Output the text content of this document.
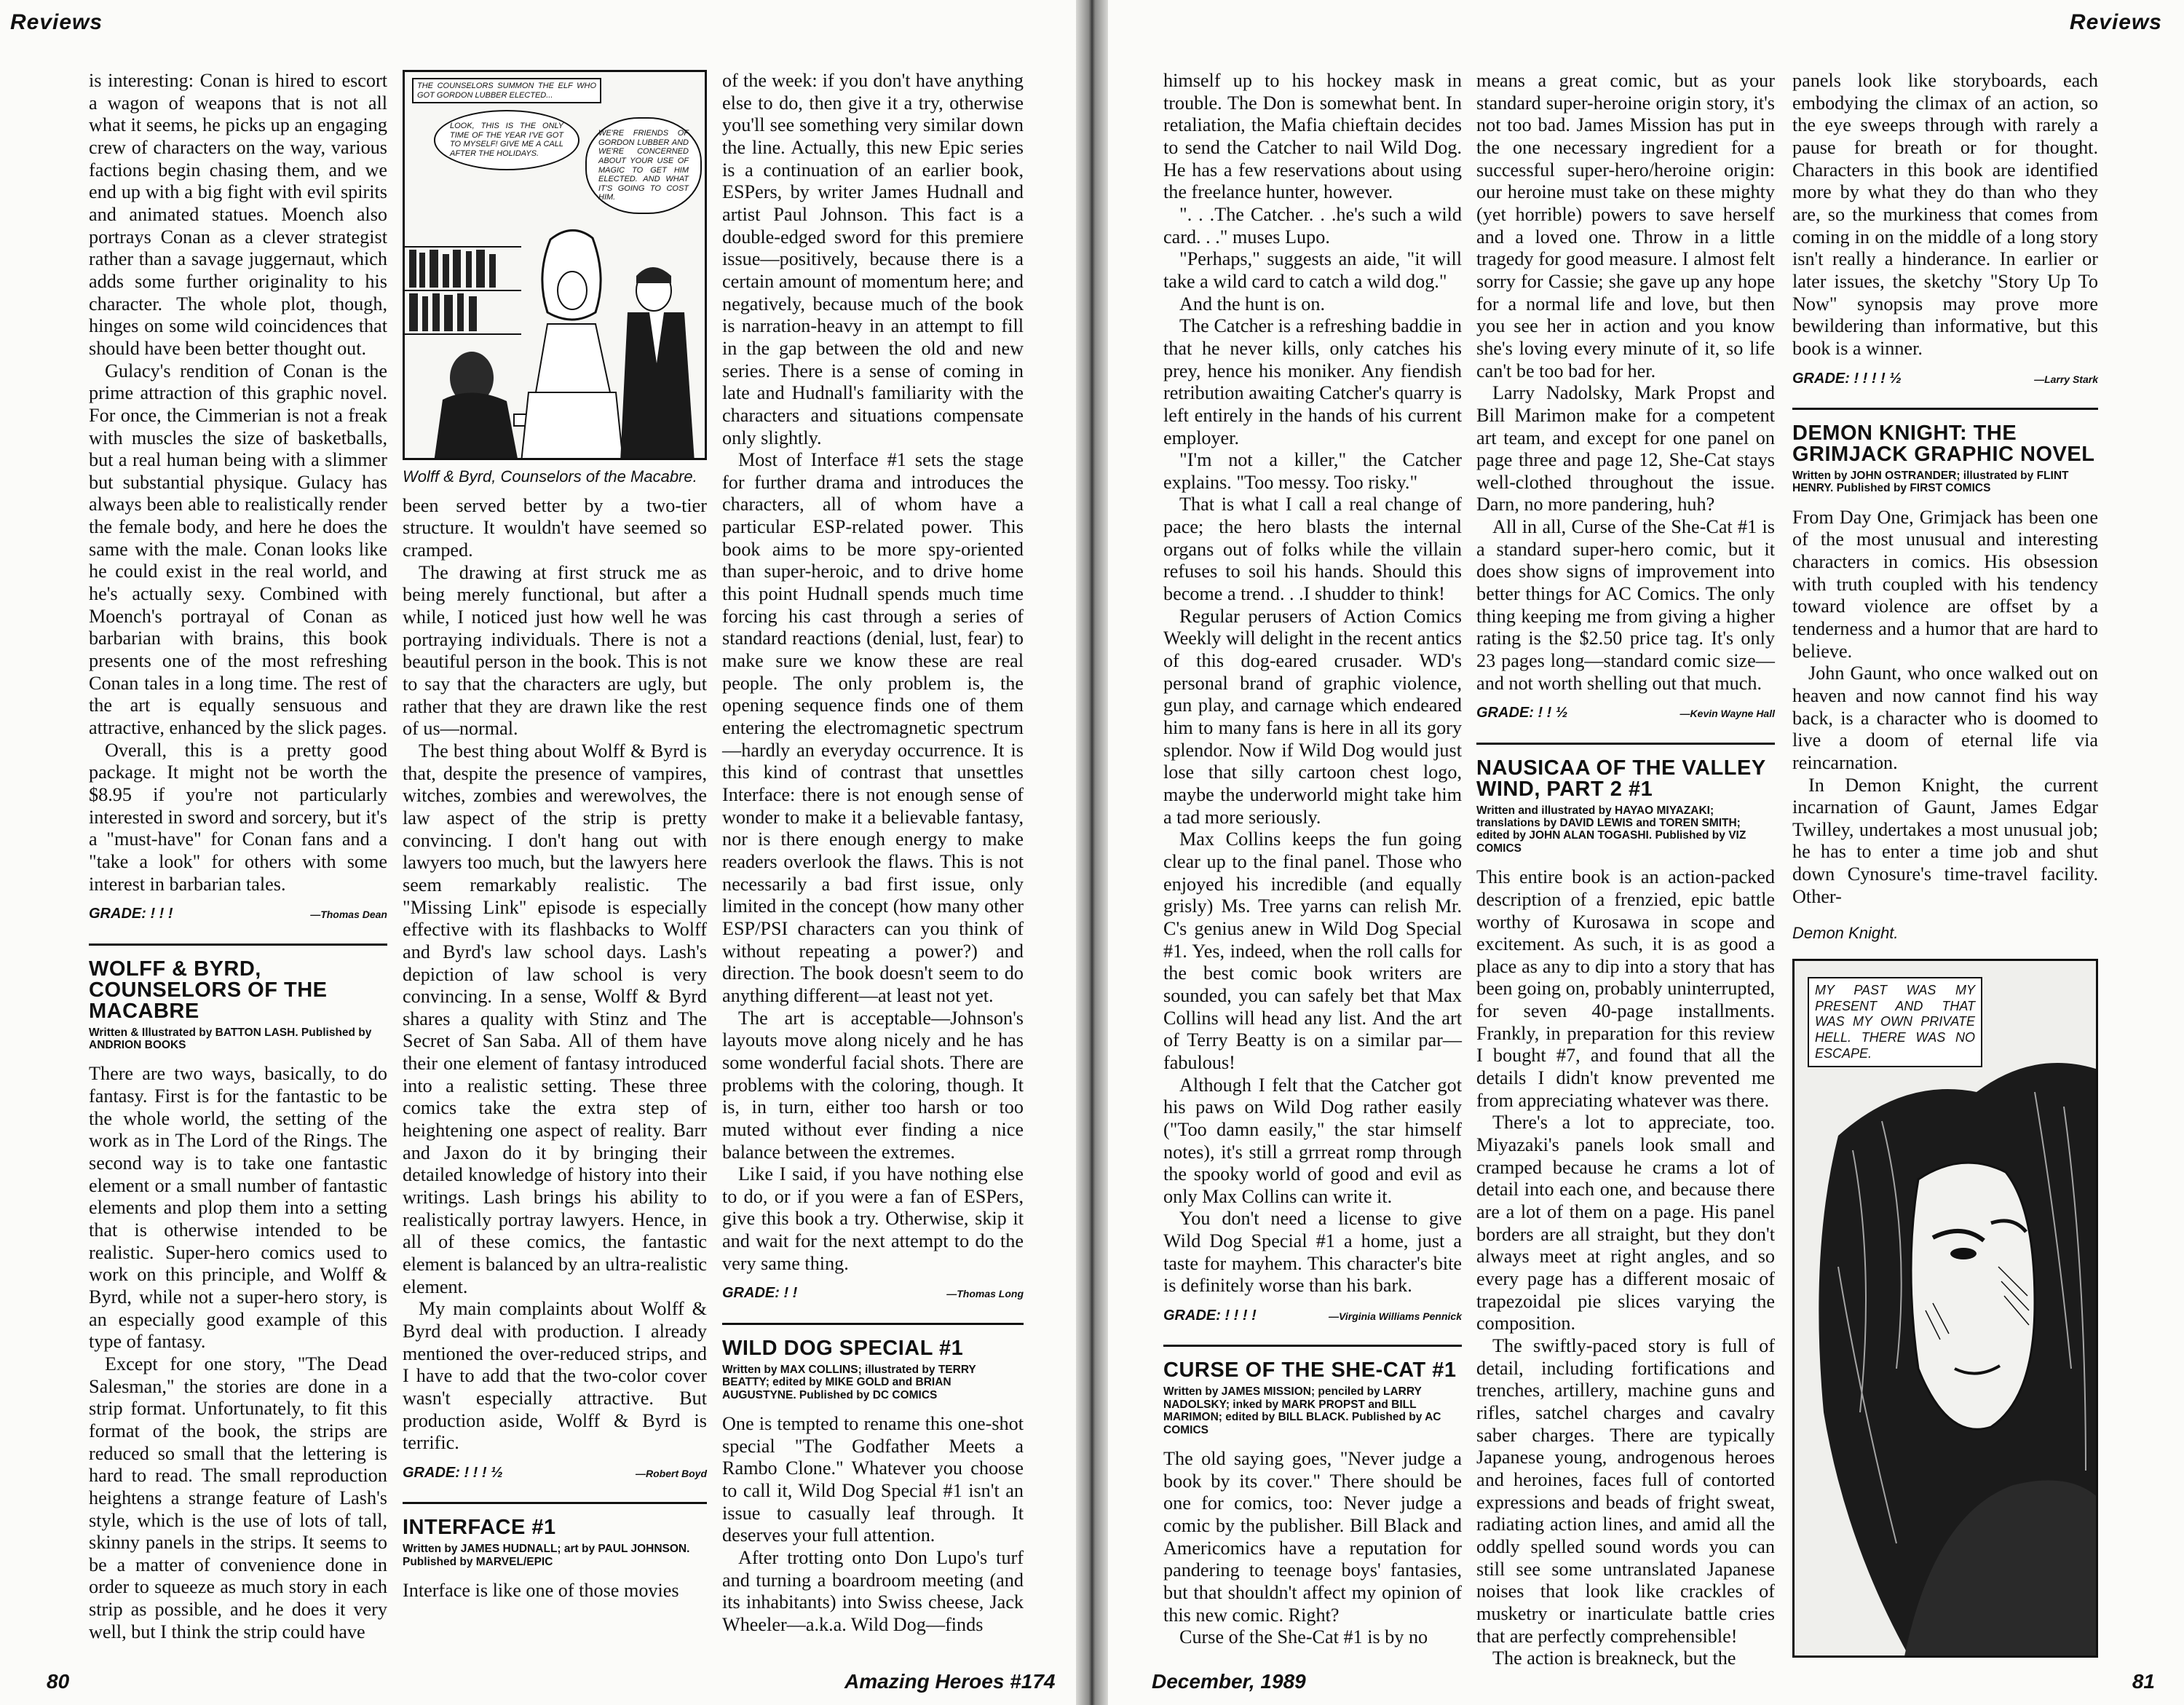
Reviews

is interesting: Conan is hired to escort a wagon of weapons that is not all what it seems, he picks up an engaging crew of characters on the way, various factions begin chasing them, and we end up with a big fight with evil spirits and animated statues. Moench also portrays Conan as a clever strategist rather than a savage juggernaut, which adds some further originality to his character. The whole plot, though, hinges on some wild coincidences that should have been better thought out.

Gulacy's rendition of Conan is the prime attraction of this graphic novel. For once, the Cimmerian is not a freak with muscles the size of basketballs, but a real human being with a slimmer but substantial physique. Gulacy has always been able to realistically render the female body, and here he does the same with the male. Conan looks like he could exist in the real world, and he's actually sexy. Combined with Moench's portrayal of Conan as barbarian with brains, this book presents one of the most refreshing Conan tales in a long time. The rest of the art is equally sensuous and attractive, enhanced by the slick pages.

Overall, this is a pretty good package. It might not be worth the $8.95 if you're not particularly interested in sword and sorcery, but it's a "must-have" for Conan fans and a "take a look" for others with some interest in barbarian tales.

GRADE: ! ! !	—Thomas Dean
WOLFF & BYRD, COUNSELORS OF THE MACABRE
Written & Illustrated by BATTON LASH. Published by ANDRION BOOKS

There are two ways, basically, to do fantasy. First is for the fantastic to be the whole world, the setting of the work as in The Lord of the Rings. The second way is to take one fantastic element or a small number of fantastic elements and plop them into a setting that is otherwise intended to be realistic. Super-hero comics used to work on this principle, and Wolff & Byrd, while not a super-hero story, is an especially good example of this type of fantasy.

Except for one story, "The Dead Salesman," the stories are done in a strip format. Unfortunately, to fit this format of the book, the strips are reduced so small that the lettering is hard to read. The small reproduction heightens a strange feature of Lash's style, which is the use of lots of tall, skinny panels in the strips. It seems to be a matter of convenience done in order to squeeze as much story in each strip as possible, and he does it very well, but I think the strip could have

THE COUNSELORS SUMMON THE ELF WHO GOT GORDON LUBBER ELECTED...
LOOK, THIS IS THE ONLY TIME OF THE YEAR I'VE GOT TO MYSELF! GIVE ME A CALL AFTER THE HOLIDAYS.
WE'RE FRIENDS OF GORDON LUBBER AND WE'RE CONCERNED ABOUT YOUR USE OF MAGIC TO GET HIM ELECTED. AND WHAT IT'S GOING TO COST HIM.
Wolff & Byrd, Counselors of the Macabre.

been served better by a two-tier structure. It wouldn't have seemed so cramped.

The drawing at first struck me as being merely functional, but after a while, I noticed just how well he was portraying individuals. There is not a beautiful person in the book. This is not to say that the characters are ugly, but rather that they are drawn like the rest of us—normal.

The best thing about Wolff & Byrd is that, despite the presence of vampires, witches, zombies and werewolves, the law aspect of the strip is pretty convincing. I don't hang out with lawyers too much, but the lawyers here seem remarkably realistic. The "Missing Link" episode is especially effective with its flashbacks to Wolff and Byrd's law school days. Lash's depiction of law school is very convincing. In a sense, Wolff & Byrd shares a quality with Stinz and The Secret of San Saba. All of them have their one element of fantasy introduced into a realistic setting. These three comics take the extra step of heightening one aspect of reality. Barr and Jaxon do it by bringing their detailed knowledge of history into their writings. Lash brings his ability to realistically portray lawyers. Hence, in all of these comics, the fantastic element is balanced by an ultra-realistic element.

My main complaints about Wolff & Byrd deal with production. I already mentioned the over-reduced strips, and I have to add that the two-color cover wasn't especially attractive. But production aside, Wolff & Byrd is terrific.

GRADE: ! ! ! ½	—Robert Boyd
INTERFACE #1
Written by JAMES HUDNALL; art by PAUL JOHNSON. Published by MARVEL/EPIC

Interface is like one of those movies

of the week: if you don't have anything else to do, then give it a try, otherwise you'll see something very similar down the line. Actually, this new Epic series is a continuation of an earlier book, ESPers, by writer James Hudnall and artist Paul Johnson. This fact is a double-edged sword for this premiere issue—positively, because there is a certain amount of momentum here; and negatively, because much of the book is narration-heavy in an attempt to fill in the gap between the old and new series. There is a sense of coming in late and Hudnall's familiarity with the characters and situations compensate only slightly.

Most of Interface #1 sets the stage for further drama and introduces the characters, all of whom have a particular ESP-related power. This book aims to be more spy-oriented than super-heroic, and to drive home this point Hudnall spends much time forcing his cast through a series of standard reactions (denial, lust, fear) to make sure we know these are real people. The only problem is, the opening sequence finds one of them entering the electromagnetic spectrum—hardly an everyday occurrence. It is this kind of contrast that unsettles Interface: there is not enough sense of wonder to make it a believable fantasy, nor is there enough energy to make readers overlook the flaws. This is not necessarily a bad first issue, only limited in the concept (how many other ESP/PSI characters can you think of without repeating a power?) and direction. The book doesn't seem to do anything different—at least not yet.

The art is acceptable—Johnson's layouts move along nicely and he has some wonderful facial shots. There are problems with the coloring, though. It is, in turn, either too harsh or too muted without ever finding a nice balance between the extremes.

Like I said, if you have nothing else to do, or if you were a fan of ESPers, give this book a try. Otherwise, skip it and wait for the next attempt to do the very same thing.

GRADE: ! !	—Thomas Long
WILD DOG SPECIAL #1
Written by MAX COLLINS; illustrated by TERRY BEATTY; edited by MIKE GOLD and BRIAN AUGUSTYNE. Published by DC COMICS

One is tempted to rename this one-shot special "The Godfather Meets a Rambo Clone." Whatever you choose to call it, Wild Dog Special #1 isn't an issue to casually leaf through. It deserves your full attention.

After trotting onto Don Lupo's turf and turning a boardroom meeting (and its inhabitants) into Swiss cheese, Jack Wheeler—a.k.a. Wild Dog—finds

80	Amazing Heroes #174
Reviews

himself up to his hockey mask in trouble. The Don is somewhat bent. In retaliation, the Mafia chieftain decides to send the Catcher to nail Wild Dog. He has a few reservations about using the freelance hunter, however.

". . .The Catcher. . .he's such a wild card. . ." muses Lupo.

"Perhaps," suggests an aide, "it will take a wild card to catch a wild dog."

And the hunt is on.

The Catcher is a refreshing baddie in that he never kills, only catches his prey, hence his moniker. Any fiendish retribution awaiting Catcher's quarry is left entirely in the hands of his current employer.

"I'm not a killer," the Catcher explains. "Too messy. Too risky."

That is what I call a real change of pace; the hero blasts the internal organs out of folks while the villain refuses to soil his hands. Should this become a trend. . .I shudder to think!

Regular perusers of Action Comics Weekly will delight in the recent antics of this dog-eared crusader. WD's personal brand of graphic violence, gun play, and carnage which endeared him to many fans is here in all its gory splendor. Now if Wild Dog would just lose that silly cartoon chest logo, maybe the underworld might take him a tad more seriously.

Max Collins keeps the fun going clear up to the final panel. Those who enjoyed his incredible (and equally grisly) Ms. Tree yarns can relish Mr. C's genius anew in Wild Dog Special #1. Yes, indeed, when the roll calls for the best comic book writers are sounded, you can safely bet that Max Collins will head any list. And the art of Terry Beatty is on a similar par—fabulous!

Although I felt that the Catcher got his paws on Wild Dog rather easily ("Too damn easily," the star himself notes), it's still a grrreat romp through the spooky world of good and evil as only Max Collins can write it.

You don't need a license to give Wild Dog Special #1 a home, just a taste for mayhem. This character's bite is definitely worse than his bark.

GRADE: ! ! ! !	—Virginia Williams Pennick
CURSE OF THE SHE-CAT #1
Written by JAMES MISSION; penciled by LARRY NADOLSKY; inked by MARK PROPST and BILL MARIMON; edited by BILL BLACK. Published by AC COMICS

The old saying goes, "Never judge a book by its cover." There should be one for comics, too: Never judge a comic by the publisher. Bill Black and Americomics have a reputation for pandering to teenage boys' fantasies, but that shouldn't affect my opinion of this new comic. Right?

Curse of the She-Cat #1 is by no

means a great comic, but as your standard super-heroine origin story, it's not too bad. James Mission has put in the one necessary ingredient for a successful super-hero/heroine origin: our heroine must take on these mighty (yet horrible) powers to save herself and a loved one. Throw in a little tragedy for good measure. I almost felt sorry for Cassie; she gave up any hope for a normal life and love, but then you see her in action and you know she's loving every minute of it, so life can't be too bad for her.

Larry Nadolsky, Mark Propst and Bill Marimon make for a competent art team, and except for one panel on page three and page 12, She-Cat stays well-clothed throughout the issue. Darn, no more pandering, huh?

All in all, Curse of the She-Cat #1 is a standard super-hero comic, but it does show signs of improvement into better things for AC Comics. The only thing keeping me from giving a higher rating is the $2.50 price tag. It's only 23 pages long—standard comic size—and not worth shelling out that much.

GRADE: ! ! ½	—Kevin Wayne Hall
NAUSICAA OF THE VALLEY WIND, PART 2 #1
Written and illustrated by HAYAO MIYAZAKI; translations by DAVID LEWIS and TOREN SMITH; edited by JOHN ALAN TOGASHI. Published by VIZ COMICS

This entire book is an action-packed description of a frenzied, epic battle worthy of Kurosawa in scope and excitement. As such, it is as good a place as any to dip into a story that has been going on, probably uninterrupted, for seven 40-page installments. Frankly, in preparation for this review I bought #7, and found that all the details I didn't know prevented me from appreciating whatever was there.

There's a lot to appreciate, too. Miyazaki's panels look small and cramped because he crams a lot of detail into each one, and because there are a lot of them on a page. His panel borders are all straight, but they don't always meet at right angles, and so every page has a different mosaic of trapezoidal pie slices varying the composition.

The swiftly-paced story is full of detail, including fortifications and trenches, artillery, machine guns and rifles, satchel charges and cavalry saber charges. There are typically Japanese young, androgenous heroes and heroines, faces full of contorted expressions and beads of fright sweat, radiating action lines, and amid all the oddly spelled sound words you can still see some untranslated Japanese noises that look like crackles of musketry or inarticulate battle cries that are perfectly comprehensible!

The action is breakneck, but the

panels look like storyboards, each embodying the climax of an action, so the eye sweeps through with rarely a pause for breath or for thought. Characters in this book are identified more by what they do than who they are, so the murkiness that comes from coming in on the middle of a long story isn't really a hinderance. In earlier or later issues, the sketchy "Story Up To Now" synopsis may prove more bewildering than informative, but this book is a winner.

GRADE: ! ! ! ! ½	—Larry Stark
DEMON KNIGHT: THE GRIMJACK GRAPHIC NOVEL
Written by JOHN OSTRANDER; illustrated by FLINT HENRY. Published by FIRST COMICS

From Day One, Grimjack has been one of the most unusual and interesting characters in comics. His obsession with truth coupled with his tendency toward violence are offset by a tenderness and a humor that are hard to believe.

John Gaunt, who once walked out on heaven and now cannot find his way back, is a character who is doomed to live a doom of eternal life via reincarnation.

In Demon Knight, the current incarnation of Gaunt, James Edgar Twilley, undertakes a most unusual job; he has to enter a time job and shut down Cynosure's time-travel facility. Other-

Demon Knight.
MY PAST WAS MY PRESENT AND THAT WAS MY OWN PRIVATE HELL. THERE WAS NO ESCAPE.
December, 1989	81
